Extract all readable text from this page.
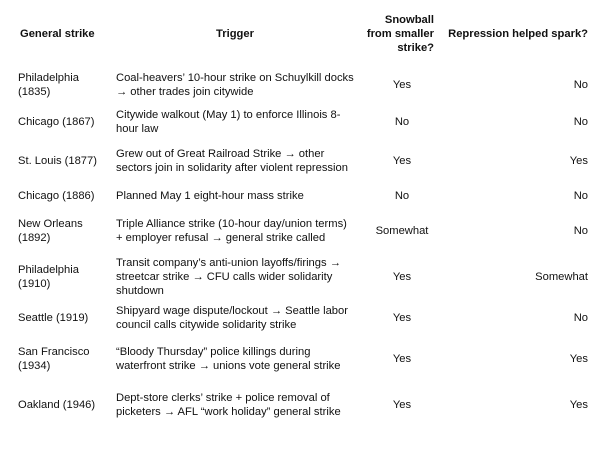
General strike	Trigger	Snowball from smaller strike?	Repression helped spark?
Philadelphia (1835)	Coal-heavers’ 10-hour strike on Schuylkill docks → other trades join citywide	Yes	No
Chicago (1867)	Citywide walkout (May 1) to enforce Illinois 8-hour law	No	No
St. Louis (1877)	Grew out of Great Railroad Strike → other sectors join in solidarity after violent repression	Yes	Yes
Chicago (1886)	Planned May 1 eight-hour mass strike	No	No
New Orleans (1892)	Triple Alliance strike (10-hour day/union terms) + employer refusal → general strike called	Somewhat	No
Philadelphia (1910)	Transit company’s anti-union layoffs/firings → streetcar strike → CFU calls wider solidarity shutdown	Yes	Somewhat
Seattle (1919)	Shipyard wage dispute/lockout → Seattle labor council calls citywide solidarity strike	Yes	No
San Francisco (1934)	“Bloody Thursday” police killings during waterfront strike → unions vote general strike	Yes	Yes
Oakland (1946)	Dept-store clerks’ strike + police removal of picketers → AFL “work holiday” general strike	Yes	Yes
